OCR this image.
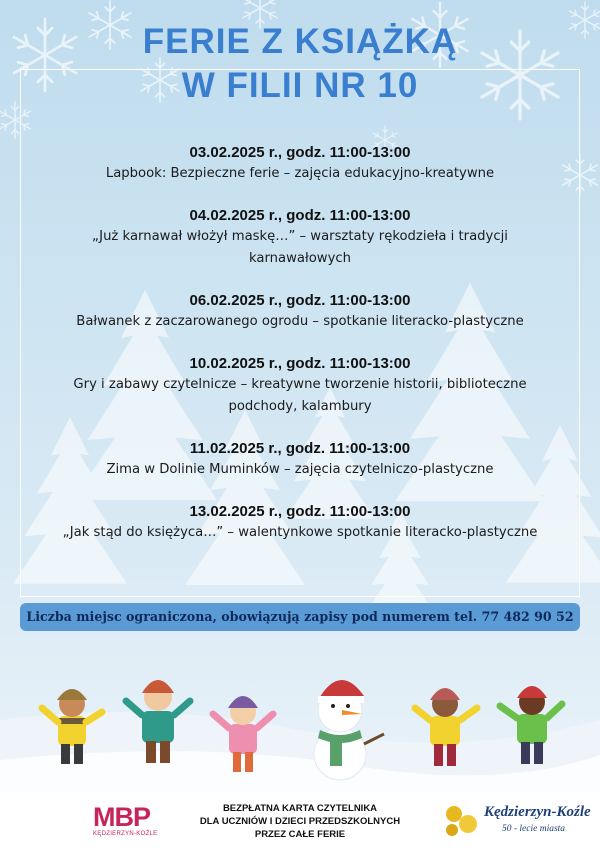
FERIE Z KSIĄŻKĄ
W FILII NR 10
03.02.2025 r., godz. 11:00-13:00
Lapbook: Bezpieczne ferie – zajęcia edukacyjno-kreatywne
04.02.2025 r., godz. 11:00-13:00
„Już karnawał włożył maskę…” – warsztaty rękodzieła i tradycji karnawałowych
06.02.2025 r., godz. 11:00-13:00
Bałwanek z zaczarowanego ogrodu – spotkanie literacko-plastyczne
10.02.2025 r., godz. 11:00-13:00
Gry i zabawy czytelnicze – kreatywne tworzenie historii, biblioteczne podchody, kalambury
11.02.2025 r., godz. 11:00-13:00
Zima w Dolinie Muminków – zajęcia czytelniczo-plastyczne
13.02.2025 r., godz. 11:00-13:00
„Jak stąd do księżyca…” – walentynkowe spotkanie literacko-plastyczne
Liczba miejsc ograniczona, obowiązują zapisy pod numerem tel. 77 482 90 52
MBP
KĘDZIERZYN-KOŹLE
BEZPŁATNA KARTA CZYTELNIKA
DLA UCZNIÓW I DZIECI PRZEDSZKOLNYCH
PRZEZ CAŁE FERIE
Kędzierzyn-Koźle
50 - lecie miasta
